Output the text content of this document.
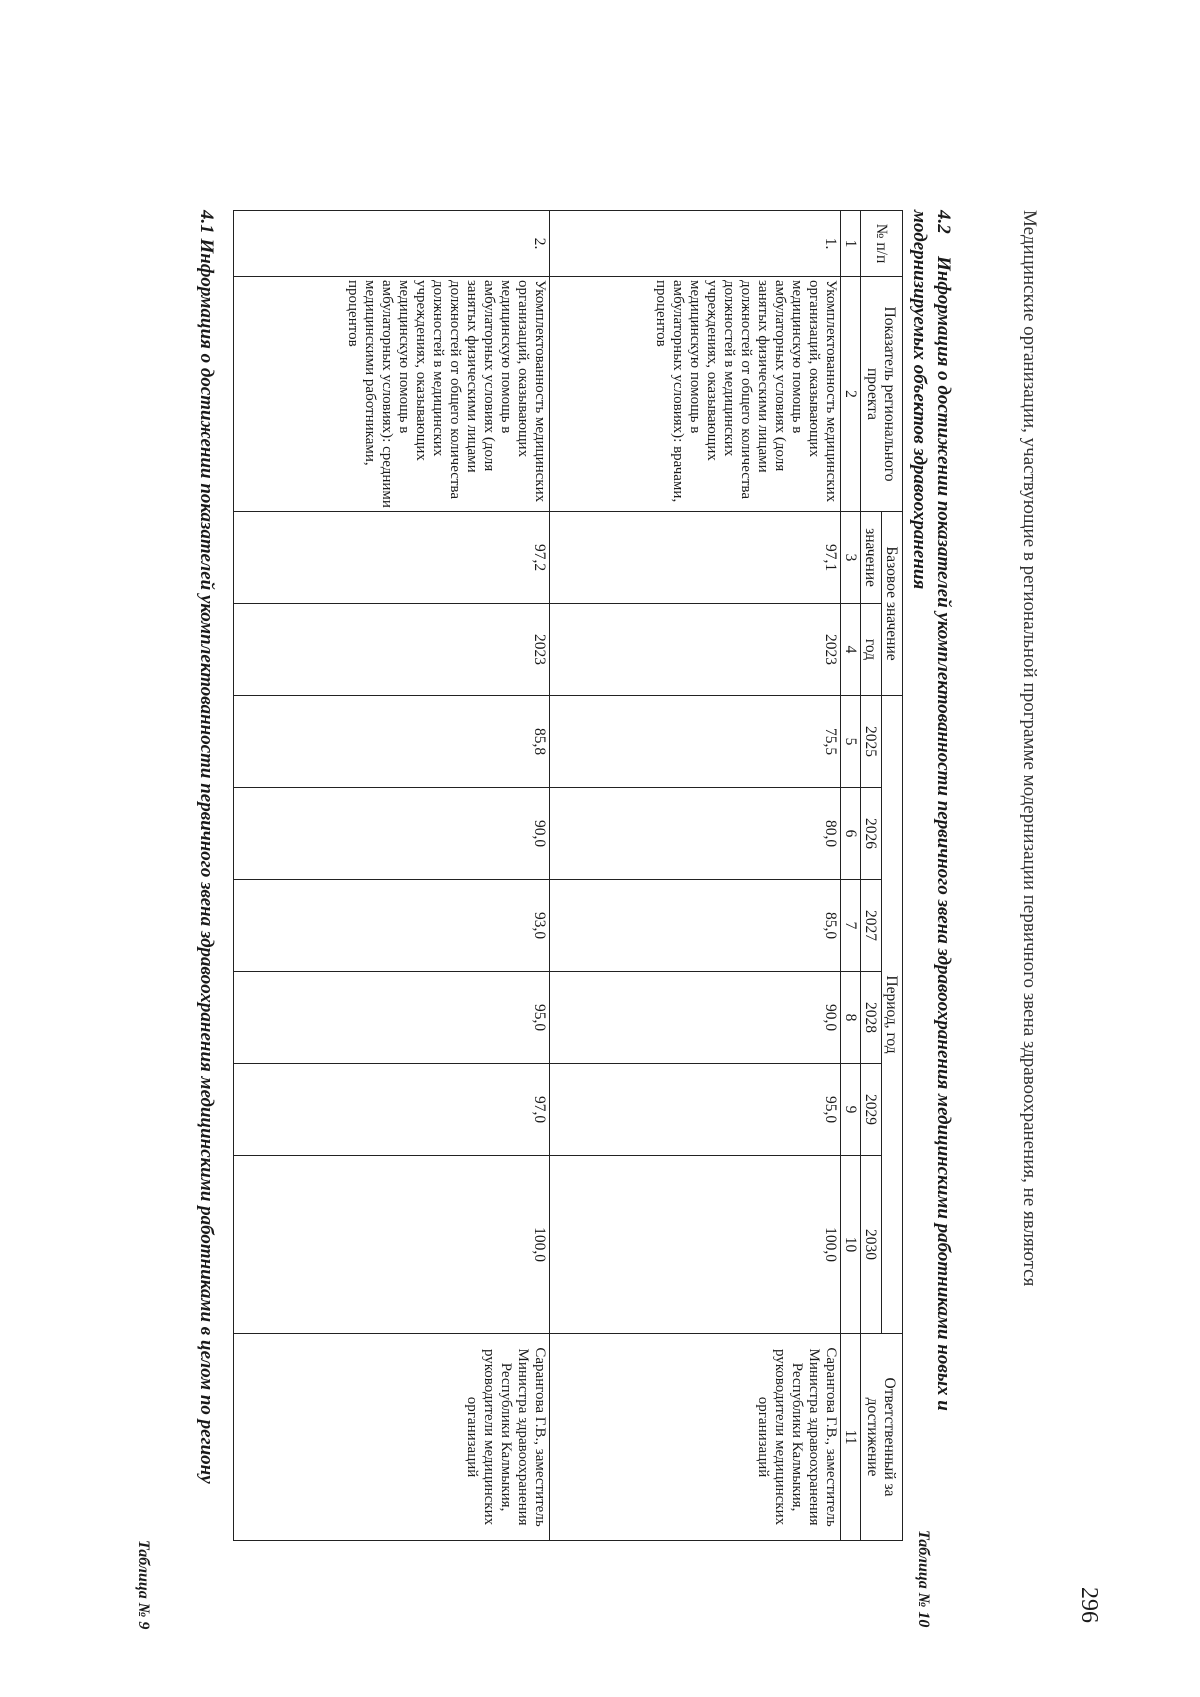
Таблица № 9
4.1 Информация о достижении показателей укомплектованности первичного звена здравоохранения медицинскими работниками в целом по региону	№ п/п	Показатель регионального проекта	Базовое значение		Период, год						Ответственный за достижение
		значение	год	2025	2026	2027	2028	2029	2030	
1	2	3	4	5	6	7	8	9	10	11
1.	Укомплектованность медицинских организаций, оказывающих медицинскую помощь в амбулаторных условиях (доля занятых физическими лицами должностей от общего количества должностей в медицинских учреждениях, оказывающих медицинскую помощь в амбулаторных условиях): врачами, процентов	97,1	2023	75,5	80,0	85,0	90,0	95,0	100,0	Сарангова Г.В., заместитель Министра здравоохранения Республики Калмыкия, руководители медицинских организаций
2.	Укомплектованность медицинских организаций, оказывающих медицинскую помощь в амбулаторных условиях (доля занятых физическими лицами должностей от общего количества должностей в медицинских учреждениях, оказывающих медицинскую помощь в амбулаторных условиях): средними медицинскими работниками, процентов	97,2	2023	85,8	90,0	93,0	95,0	97,0	100,0	Сарангова Г.В., заместитель Министра здравоохранения Республики Калмыкия, руководители медицинских организаций
Таблица № 10
4.2Информация о достижении показателей укомплектованности первичного звена здравоохранения медицинскими работниками новых и модернизируемых объектов здравоохранения	Медицинские организации, участвующие в региональной программе модернизации первичного звена здравоохранения, не являются
296
